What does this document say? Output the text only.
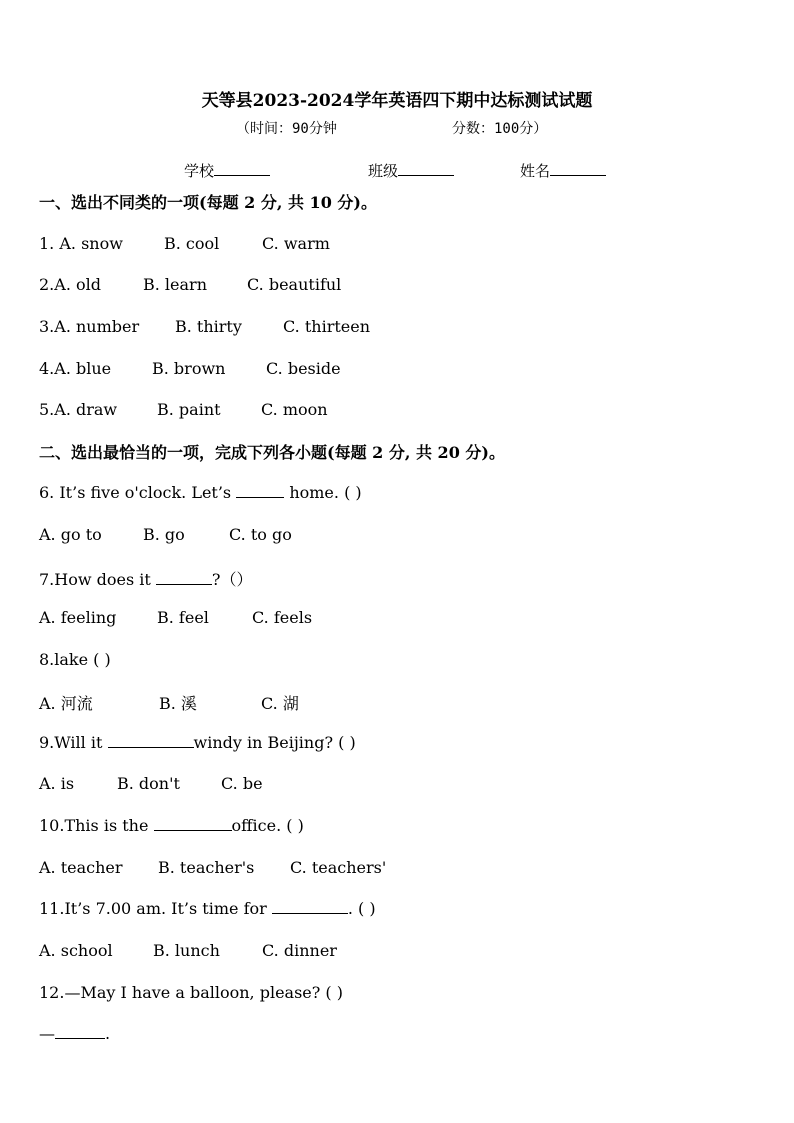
天等县2023-2024学年英语四下期中达标测试试题
（时间：90分钟	分数：100分）
学校	班级	姓名
一、选出不同类的一项(每题 2 分, 共 10 分)。
1. A. snow	B. cool	C. warm
2.A. old	B. learn C. beautiful
3.A. number B. thirty	C. thirteen
4.A. blue	B. brown	C. beside
5.A. draw B. paint	C. moon
二、选出最恰当的一项，完成下列各小题(每题 2 分, 共 20 分)。
6. It’s five o'clock. Let’s	home. ( )
A. go to	B. go	C. to go
7.How does it	?（）
A. feeling	B. feel	C. feels
8.lake ( )
A. 河流	B. 溪	C. 湖
9.Will it	windy in Beijing? ( )
A. is	B. don't	C. be
10.This is the	office. ( )
A. teacher B. teacher's C. teachers'
11.It’s 7.00 am. It’s time for	. ( )
A. school	B. lunch	C. dinner
12.—May I have a balloon, please? ( )
—	.
